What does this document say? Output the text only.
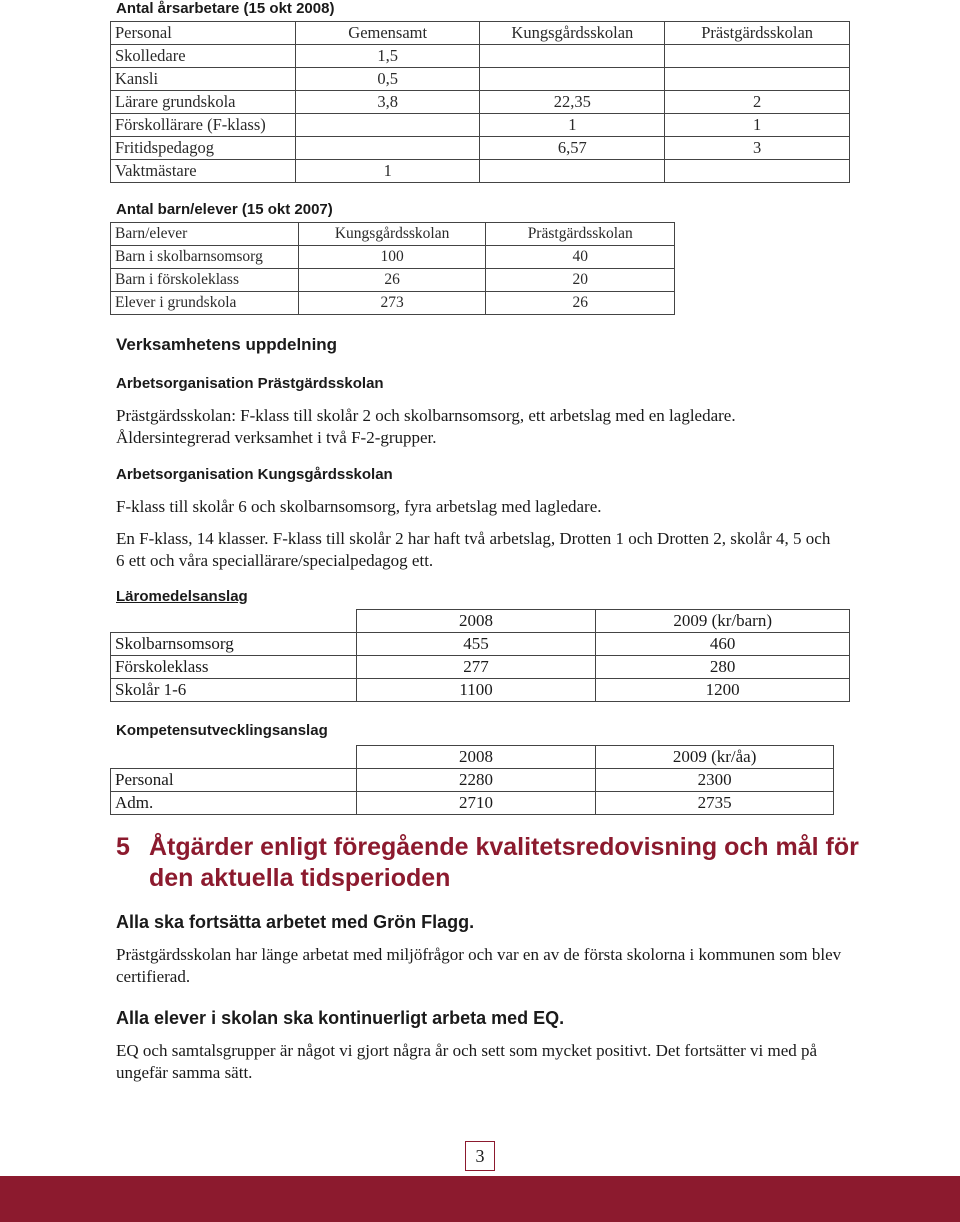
Antal årsarbetare (15 okt 2008)
Personal	Gemensamt	Kungsgårdsskolan	Prästgärdsskolan
Skolledare	1,5		
Kansli	0,5		
Lärare grundskola	3,8	22,35	2
Förskollärare (F-klass)		1	1
Fritidspedagog		6,57	3
Vaktmästare	1		
Antal barn/elever (15 okt 2007)
Barn/elever	Kungsgårdsskolan	Prästgärdsskolan
Barn i skolbarnsomsorg	100	40
Barn i förskoleklass	26	20
Elever i grundskola	273	26
Verksamhetens uppdelning
Arbetsorganisation Prästgärdsskolan
Prästgärdsskolan: F-klass till skolår 2 och skolbarnsomsorg, ett arbetslag med en lagledare. Åldersintegrerad verksamhet i två F-2-grupper.
Arbetsorganisation Kungsgårdsskolan
F-klass till skolår 6 och skolbarnsomsorg, fyra arbetslag med lagledare.
En F-klass, 14 klasser. F-klass till skolår 2 har haft två arbetslag, Drotten 1 och Drotten 2, skolår 4, 5 och 6 ett och våra speciallärare/specialpedagog ett.
Läromedelsanslag
	2008	2009 (kr/barn)
Skolbarnsomsorg	455	460
Förskoleklass	277	280
Skolår 1-6	1100	1200
Kompetensutvecklingsanslag
	2008	2009 (kr/åa)
Personal	2280	2300
Adm.	2710	2735
5 Åtgärder enligt föregående kvalitetsredovisning och mål för den aktuella tidsperioden
Alla ska fortsätta arbetet med Grön Flagg.
Prästgärdsskolan har länge arbetat med miljöfrågor och var en av de första skolorna i kommunen som blev certifierad.
Alla elever i skolan ska kontinuerligt arbeta med EQ.
EQ och samtalsgrupper är något vi gjort några år och sett som mycket positivt. Det fortsätter vi med på ungefär samma sätt.
3
